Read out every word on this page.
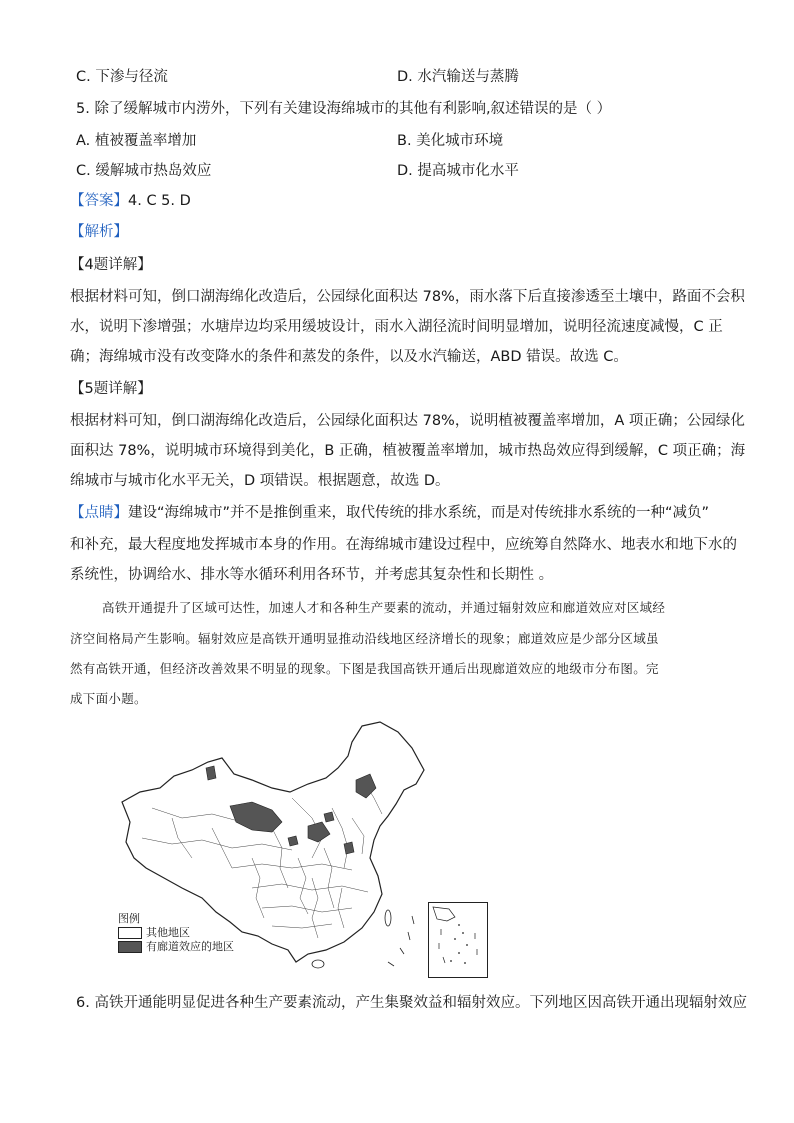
C. 下渗与径流	D. 水汽输送与蒸腾
5. 除了缓解城市内涝外，下列有关建设海绵城市的其他有利影响,叙述错误的是（ ）
A. 植被覆盖率增加	B. 美化城市环境
C. 缓解城市热岛效应	D. 提高城市化水平
【答案】4. C 5. D
【解析】
【4题详解】
根据材料可知，倒口湖海绵化改造后，公园绿化面积达 78%，雨水落下后直接渗透至土壤中，路面不会积
水，说明下渗增强；水塘岸边均采用缓坡设计，雨水入湖径流时间明显增加，说明径流速度减慢，C 正
确；海绵城市没有改变降水的条件和蒸发的条件，以及水汽输送，ABD 错误。故选 C。
【5题详解】
根据材料可知，倒口湖海绵化改造后，公园绿化面积达 78%，说明植被覆盖率增加，A 项正确；公园绿化
面积达 78%，说明城市环境得到美化，B 正确，植被覆盖率增加，城市热岛效应得到缓解，C 项正确；海
绵城市与城市化水平无关，D 项错误。根据题意，故选 D。
【点睛】建设“海绵城市”并不是推倒重来，取代传统的排水系统，而是对传统排水系统的一种“减负”
和补充，最大程度地发挥城市本身的作用。在海绵城市建设过程中，应统筹自然降水、地表水和地下水的
系统性，协调给水、排水等水循环利用各环节，并考虑其复杂性和长期性 。
高铁开通提升了区域可达性，加速人才和各种生产要素的流动，并通过辐射效应和廊道效应对区域经
济空间格局产生影响。辐射效应是高铁开通明显推动沿线地区经济增长的现象；廊道效应是少部分区域虽
然有高铁开通，但经济改善效果不明显的现象。下图是我国高铁开通后出现廊道效应的地级市分布图。完
成下面小题。
图例
其他地区
有廊道效应的地区
6. 高铁开通能明显促进各种生产要素流动，产生集聚效益和辐射效应。下列地区因高铁开通出现辐射效应
